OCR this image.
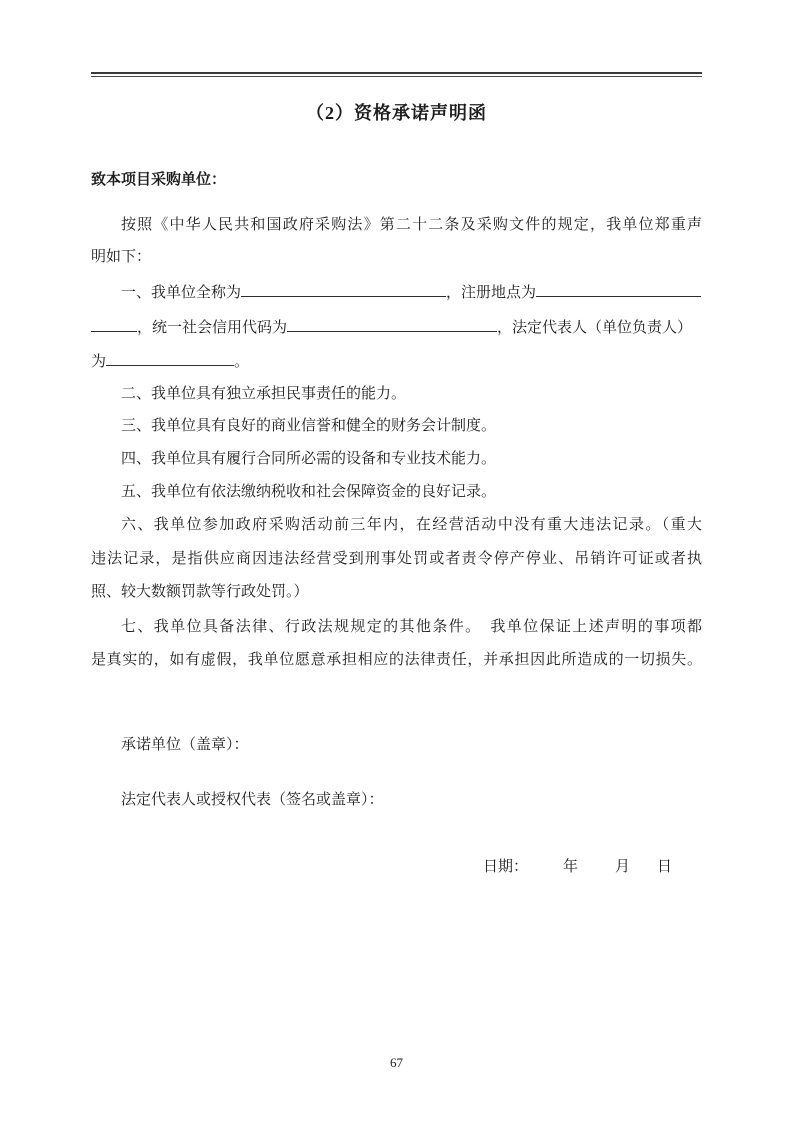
（2）资格承诺声明函
致本项目采购单位：
按照《中华人民共和国政府采购法》第二十二条及采购文件的规定，我单位郑重声
明如下：
一、我单位全称为	，注册地点为
，统一社会信用代码为	，法定代表人（单位负责人）
为	。
二、我单位具有独立承担民事责任的能力。
三、我单位具有良好的商业信誉和健全的财务会计制度。
四、我单位具有履行合同所必需的设备和专业技术能力。
五、我单位有依法缴纳税收和社会保障资金的良好记录。
六、我单位参加政府采购活动前三年内，在经营活动中没有重大违法记录。（重大
违法记录，是指供应商因违法经营受到刑事处罚或者责令停产停业、吊销许可证或者执
照、较大数额罚款等行政处罚。）
七、我单位具备法律、行政法规规定的其他条件。　我单位保证上述声明的事项都
是真实的，如有虚假，我单位愿意承担相应的法律责任，并承担因此所造成的一切损失。
承诺单位（盖章）：
法定代表人或授权代表（签名或盖章）：
日期： 年 月 日
67
